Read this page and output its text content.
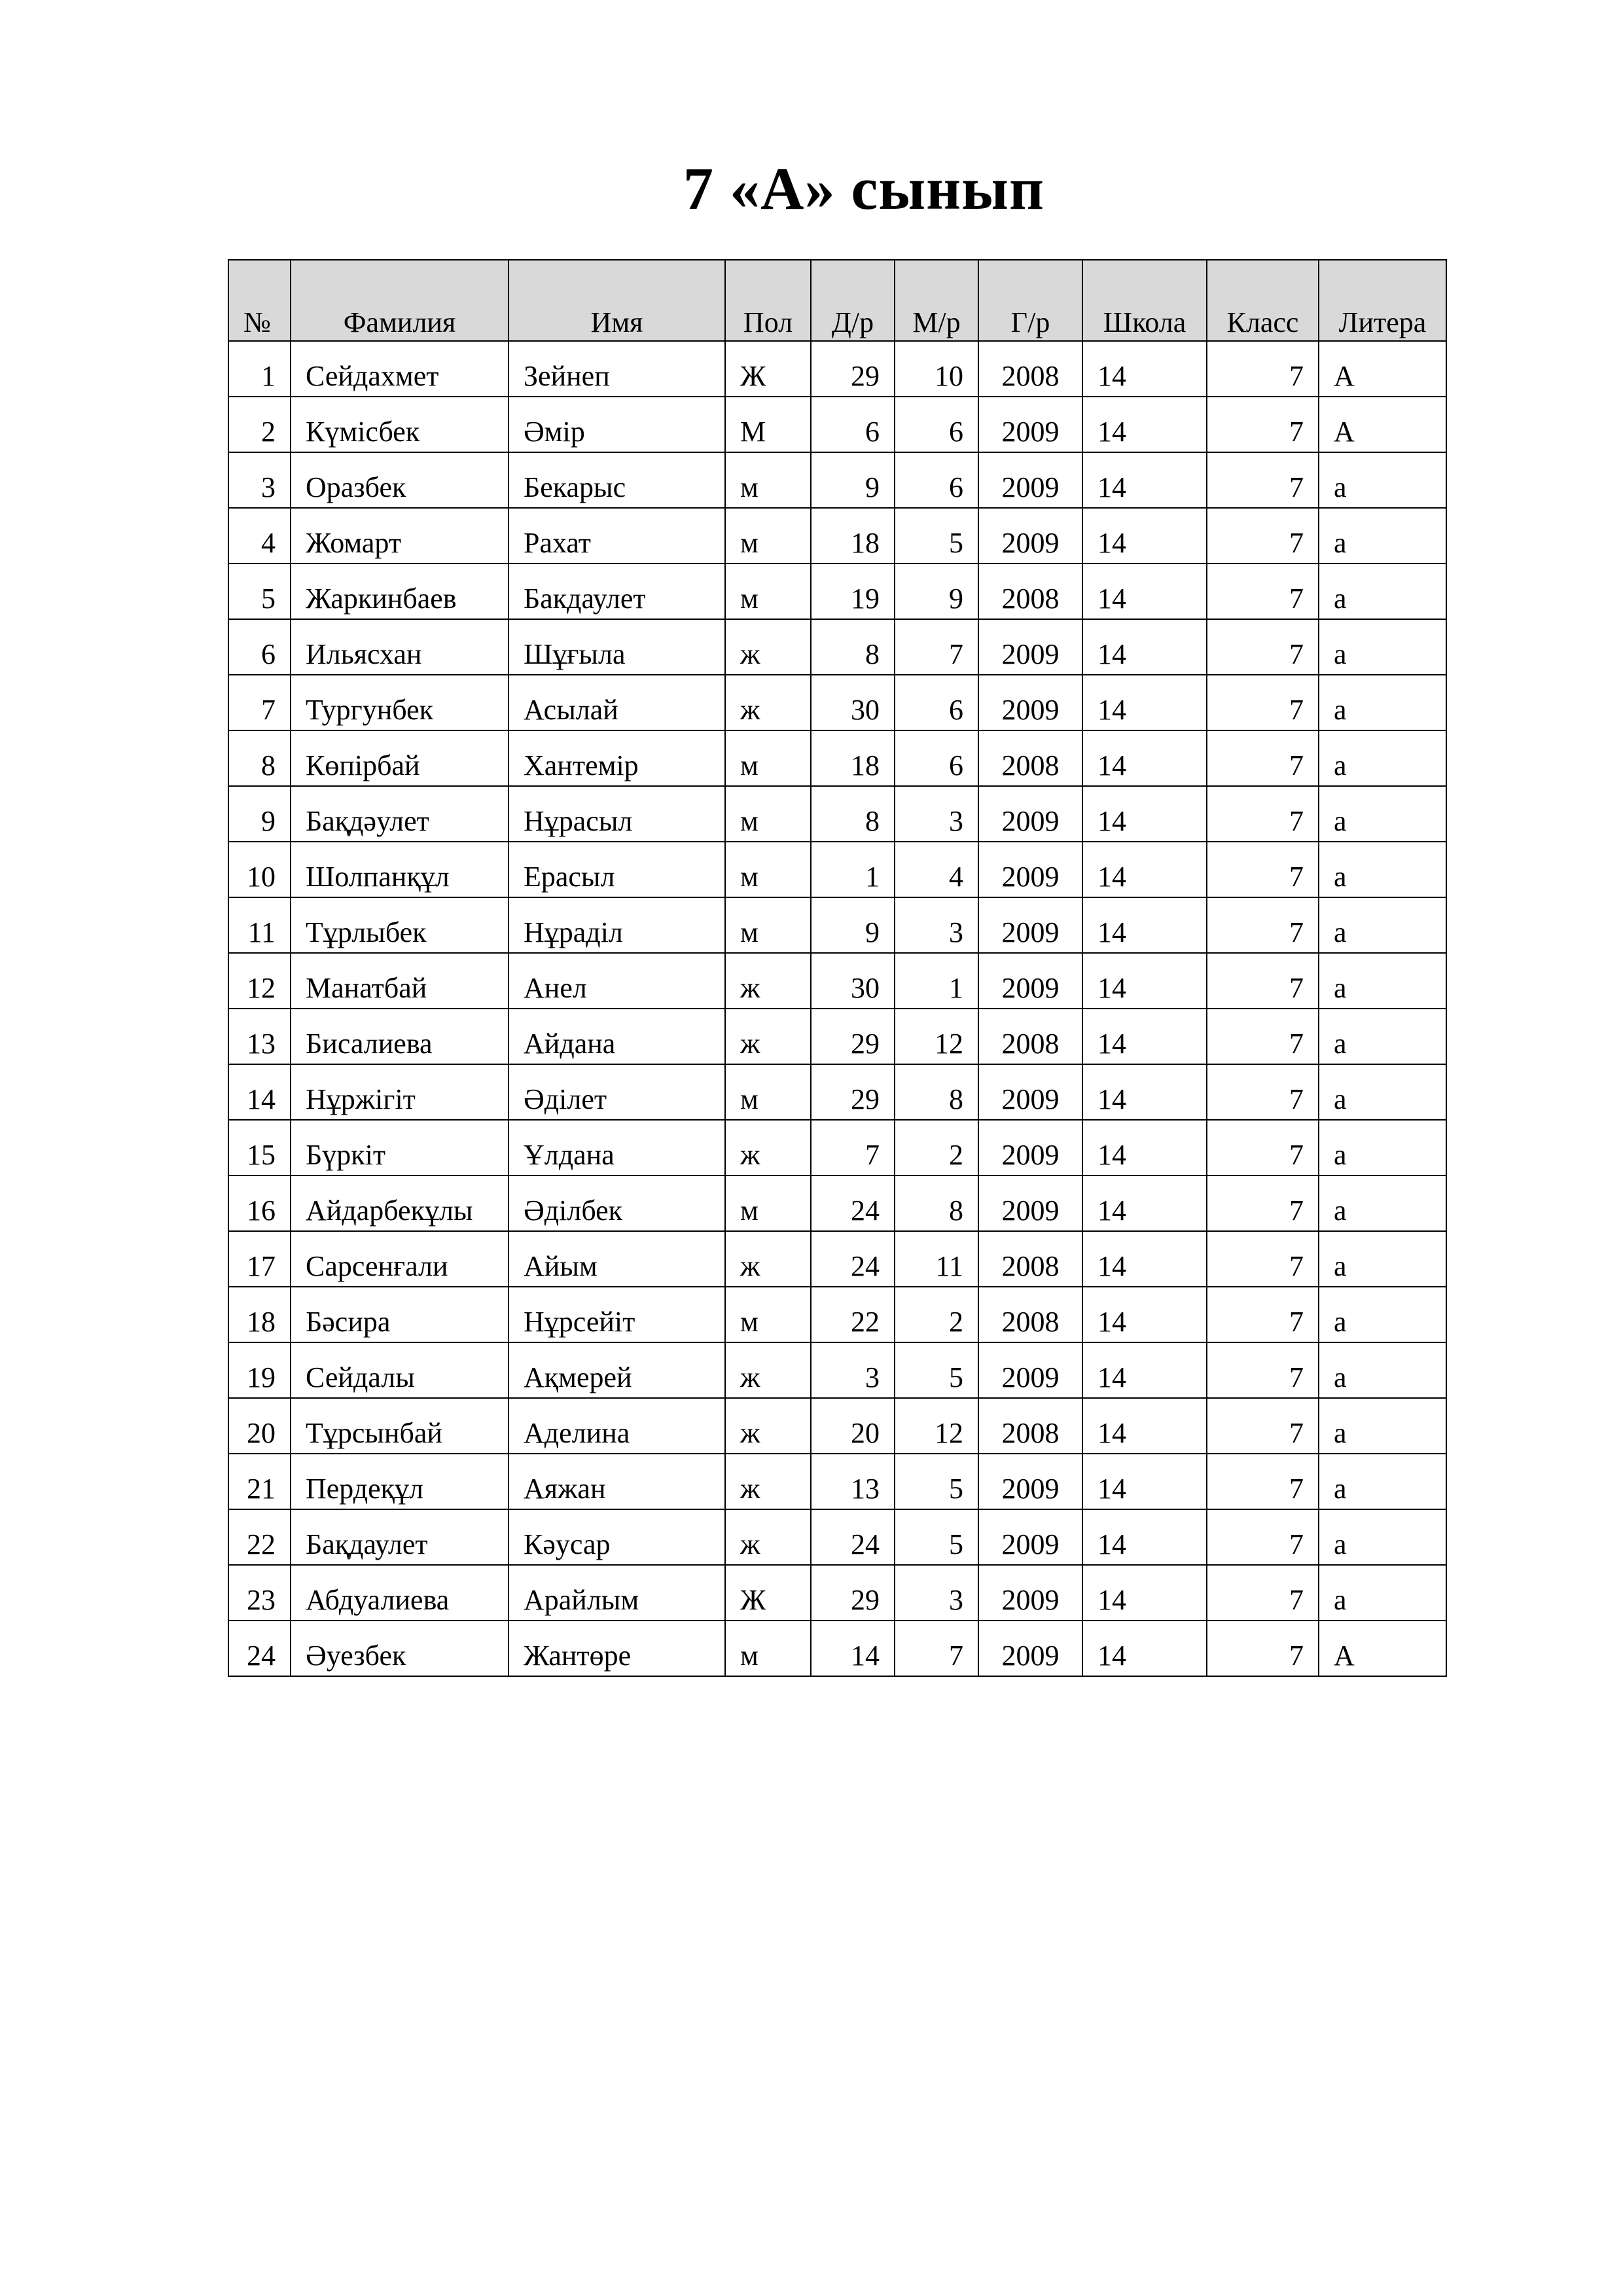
7 «А» сынып
№	Фамилия	Имя	Пол	Д/р	М/р	Г/р	Школа	Класс	Литера
1	Сейдахмет	Зейнеп	Ж	29	10	2008	14	7	А
2	Күмісбек	Әмір	М	6	6	2009	14	7	А
3	Оразбек	Бекарыс	м	9	6	2009	14	7	а
4	Жомарт	Рахат	м	18	5	2009	14	7	а
5	Жаркинбаев	Бакдаулет	м	19	9	2008	14	7	а
6	Ильясхан	Шұғыла	ж	8	7	2009	14	7	а
7	Тургунбек	Асылай	ж	30	6	2009	14	7	а
8	Көпірбай	Хантемір	м	18	6	2008	14	7	а
9	Бақдәулет	Нұрасыл	м	8	3	2009	14	7	а
10	Шолпанқұл	Ерасыл	м	1	4	2009	14	7	а
11	Тұрлыбек	Нұраділ	м	9	3	2009	14	7	а
12	Манатбай	Анел	ж	30	1	2009	14	7	а
13	Бисалиева	Айдана	ж	29	12	2008	14	7	а
14	Нұржігіт	Әділет	м	29	8	2009	14	7	а
15	Бүркіт	Ұлдана	ж	7	2	2009	14	7	а
16	Айдарбекұлы	Әділбек	м	24	8	2009	14	7	а
17	Сарсенғали	Айым	ж	24	11	2008	14	7	а
18	Бәсира	Нұрсейіт	м	22	2	2008	14	7	а
19	Сейдалы	Ақмерей	ж	3	5	2009	14	7	а
20	Тұрсынбай	Аделина	ж	20	12	2008	14	7	а
21	Пердеқұл	Аяжан	ж	13	5	2009	14	7	а
22	Бақдаулет	Кәусар	ж	24	5	2009	14	7	а
23	Абдуалиева	Арайлым	Ж	29	3	2009	14	7	а
24	Әуезбек	Жантөре	м	14	7	2009	14	7	А
